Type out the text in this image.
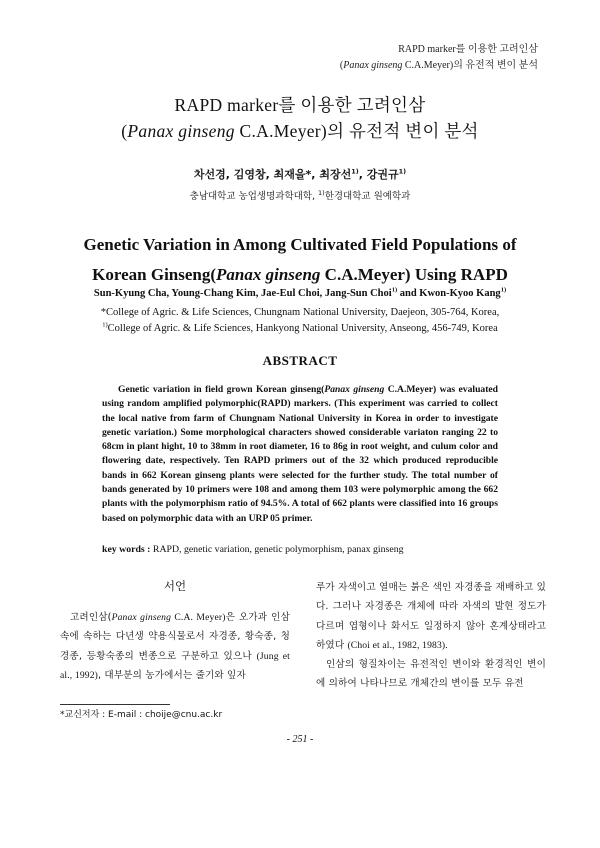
RAPD marker를 이용한 고려인삼
(Panax ginseng C.A.Meyer)의 유전적 변이 분석
RAPD marker를 이용한 고려인삼
(Panax ginseng C.A.Meyer)의 유전적 변이 분석
차선경, 김영창, 최재을*, 최장선$^{1)}$, 강권규$^{1)}$
충남대학교 농업생명과학대학, $^{1)}$한경대학교 원예학과
Genetic Variation in Among Cultivated Field Populations of
Korean Ginseng(Panax ginseng C.A.Meyer) Using RAPD
Sun-Kyung Cha, Young-Chang Kim, Jae-Eul Choi, Jang-Sun Choi$^{1)}$ and Kwon-Kyoo Kang$^{1)}$
*College of Agric. & Life Sciences, Chungnam National University, Daejeon, 305-764, Korea,
$^{1)}$College of Agric. & Life Sciences, Hankyong National University, Anseong, 456-749, Korea
ABSTRACT

Genetic variation in field grown Korean ginseng(Panax ginseng C.A.Meyer) was evaluated using random amplified polymorphic(RAPD) markers. (This experiment was carried to collect the local native from farm of Chungnam National University in Korea in order to investigate genetic variation.) Some morphological characters showed considerable variaton ranging 22 to 68cm in plant hight, 10 to 38mm in root diameter, 16 to 86g in root weight, and culum color and flowering date, respectively. Ten RAPD primers out of the 32 which produced reproducible bands in 662 Korean ginseng plants were selected for the further study. The total number of bands generated by 10 primers were 108 and among them 103 were polymorphic among the 662 plants with the polymorphism ratio of 94.5%. A total of 662 plants were classified into 16 groups based on polymorphic data with an URP 05 primer.

key words : RAPD, genetic variation, genetic polymorphism, panax ginseng
서언

고려인삼(Panax ginseng C.A. Meyer)은 오가과 인삼속에 속하는 다년생 약용식물로서 자경종, 황숙종, 청경종, 등황숙종의 변종으로 구분하고 있으나 (Jung et al., 1992), 대부분의 농가에서는 줄기와 잎자

루가 자색이고 열매는 붉은 색인 자경종을 재배하고 있다. 그러나 자경종은 개체에 따라 자색의 발현 정도가 다르며 엽형이나 화서도 일정하지 않아 혼계상태라고 하였다 (Choi et al., 1982, 1983).

인삼의 형질차이는 유전적인 변이와 환경적인 변이에 의하여 나타나므로 개체간의 변이를 모두 유전

*교신저자 : E-mail : choije@cnu.ac.kr
- 251 -
